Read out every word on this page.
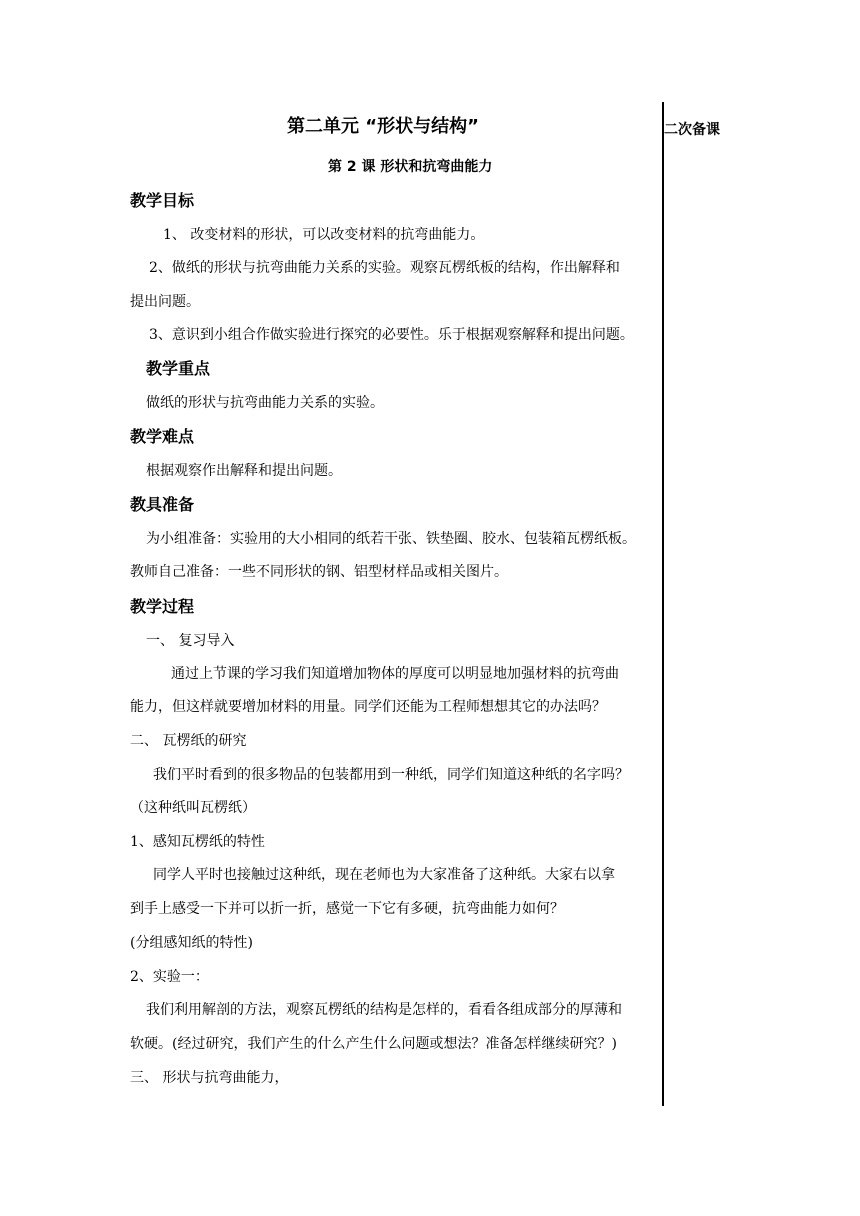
二次备课
第二单元 “形状与结构”
第 2 课 形状和抗弯曲能力
教学目标
1、 改变材料的形状，可以改变材料的抗弯曲能力。
2、做纸的形状与抗弯曲能力关系的实验。观察瓦楞纸板的结构，作出解释和
提出问题。
3、意识到小组合作做实验进行探究的必要性。乐于根据观察解释和提出问题。
教学重点
做纸的形状与抗弯曲能力关系的实验。
教学难点
根据观察作出解释和提出问题。
教具准备
为小组准备：实验用的大小相同的纸若干张、铁垫圈、胶水、包装箱瓦楞纸板。
教师自己准备：一些不同形状的钢、铝型材样品或相关图片。
教学过程
一、 复习导入
通过上节课的学习我们知道增加物体的厚度可以明显地加强材料的抗弯曲
能力，但这样就要增加材料的用量。同学们还能为工程师想想其它的办法吗？
二、 瓦楞纸的研究
我们平时看到的很多物品的包装都用到一种纸，同学们知道这种纸的名字吗？
（这种纸叫瓦楞纸）
1、感知瓦楞纸的特性
同学人平时也接触过这种纸，现在老师也为大家准备了这种纸。大家右以拿
到手上感受一下并可以折一折，感觉一下它有多硬，抗弯曲能力如何？
(分组感知纸的特性)
2、实验一：
我们利用解剖的方法，观察瓦楞纸的结构是怎样的，看看各组成部分的厚薄和
软硬。(经过研究，我们产生的什么产生什么问题或想法？准备怎样继续研究？)
三、 形状与抗弯曲能力，
